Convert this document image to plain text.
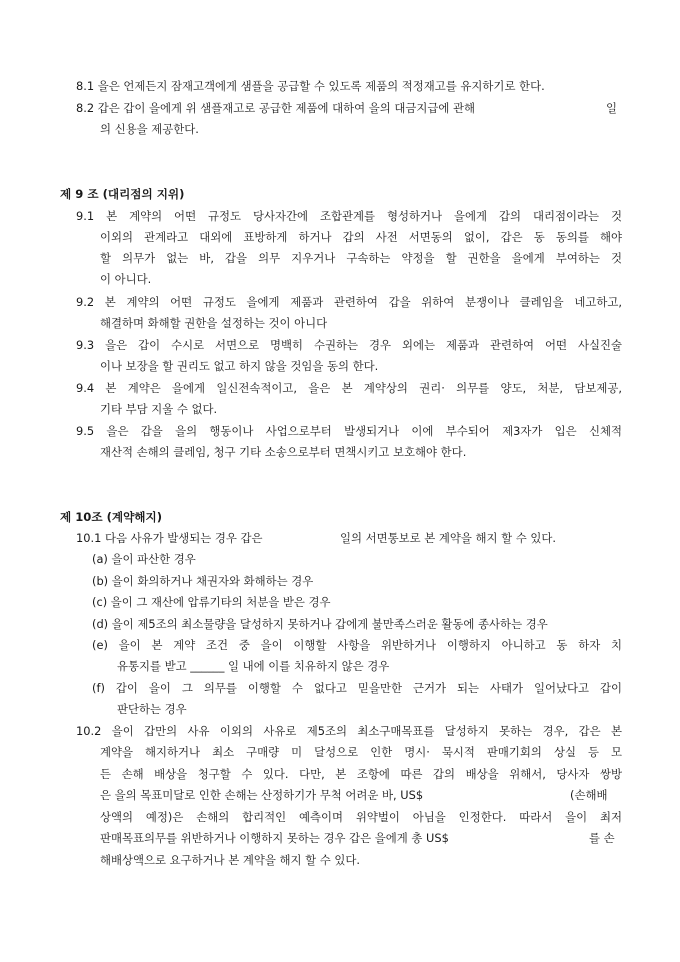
8.1 을은 언제든지 잠재고객에게 샘플을 공급할 수 있도록 제품의 적정재고를 유지하기로 한다.
8.2 갑은 갑이 을에게 위 샘플재고로 공급한 제품에 대하여 을의 대금지급에 관해	일
의 신용을 제공한다.
제 9 조 (대리점의 지위)
9.1 본 계약의 어떤 규정도 당사자간에 조합관계를 형성하거나 을에게 갑의 대리점이라는 것
이외의 관계라고 대외에 표방하게 하거나 갑의 사전 서면동의 없이, 갑은 동 동의를 해야
할 의무가 없는 바, 갑을 의무 지우거나 구속하는 약정을 할 권한을 을에게 부여하는 것
이 아니다.
9.2 본 계약의 어떤 규정도 을에게 제품과 관련하여 갑을 위하여 분쟁이나 클레임을 네고하고,
해결하며 화해할 권한을 설정하는 것이 아니다
9.3 을은 갑이 수시로 서면으로 명백히 수권하는 경우 외에는 제품과 관련하여 어떤 사실진술
이나 보장을 할 권리도 없고 하지 않을 것임을 동의 한다.
9.4 본 계약은 을에게 일신전속적이고, 을은 본 계약상의 권리· 의무를 양도, 처분, 담보제공,
기타 부담 지울 수 없다.
9.5 을은 갑을 을의 행동이나 사업으로부터 발생되거나 이에 부수되어 제3자가 입은 신체적
재산적 손해의 클레임, 청구 기타 소송으로부터 면책시키고 보호해야 한다.
제 10조 (계약해지)
10.1 다음 사유가 발생되는 경우 갑은	일의 서면통보로 본 계약을 해지 할 수 있다.
(a) 을이 파산한 경우
(b) 을이 화의하거나 채권자와 화해하는 경우
(c) 을이 그 재산에 압류기타의 처분을 받은 경우
(d) 을이 제5조의 최소물량을 달성하지 못하거나 갑에게 불만족스러운 활동에 종사하는 경우
(e) 을이 본 계약 조건 중 을이 이행할 사항을 위반하거나 이행하지 아니하고 동 하자 치
유통지를 받고 ______ 일 내에 이를 치유하지 않은 경우
(f) 갑이 을이 그 의무를 이행할 수 없다고 믿을만한 근거가 되는 사태가 일어났다고 갑이
판단하는 경우
10.2 을이 갑만의 사유 이외의 사유로 제5조의 최소구매목표를 달성하지 못하는 경우, 갑은 본
계약을 해지하거나 최소 구매량 미 달성으로 인한 명시· 묵시적 판매기회의 상실 등 모
든 손해 배상을 청구할 수 있다. 다만, 본 조항에 따른 갑의 배상을 위해서, 당사자 쌍방
은 을의 목표미달로 인한 손해는 산정하기가 무척 어려운 바, US$	(손해배
상액의 예정)은 손해의 합리적인 예측이며 위약벌이 아님을 인정한다. 따라서 을이 최저
판매목표의무를 위반하거나 이행하지 못하는 경우 갑은 을에게 총 US$	를 손
해배상액으로 요구하거나 본 계약을 해지 할 수 있다.
